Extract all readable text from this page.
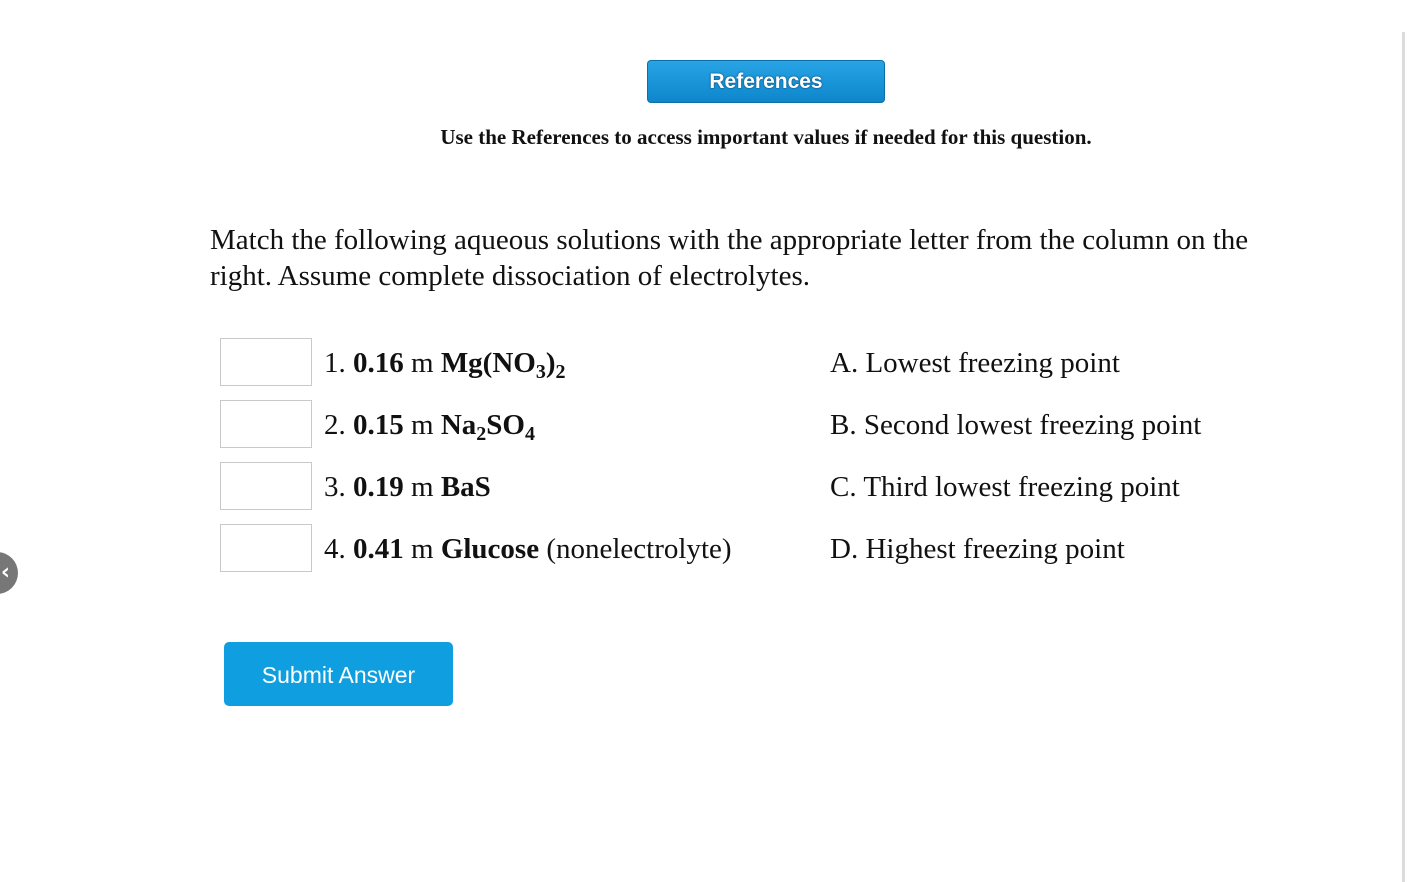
‹
References
Use the References to access important values if needed for this question.
Match the following aqueous solutions with the appropriate letter from the column on the right. Assume complete dissociation of electrolytes.
1. 0.16 m $Mg(NO_3)_2$
2. 0.15 m $Na_2SO_4$
3. 0.19 m BaS
4. 0.41 m Glucose (nonelectrolyte)
A. Lowest freezing point
B. Second lowest freezing point
C. Third lowest freezing point
D. Highest freezing point
Submit Answer
